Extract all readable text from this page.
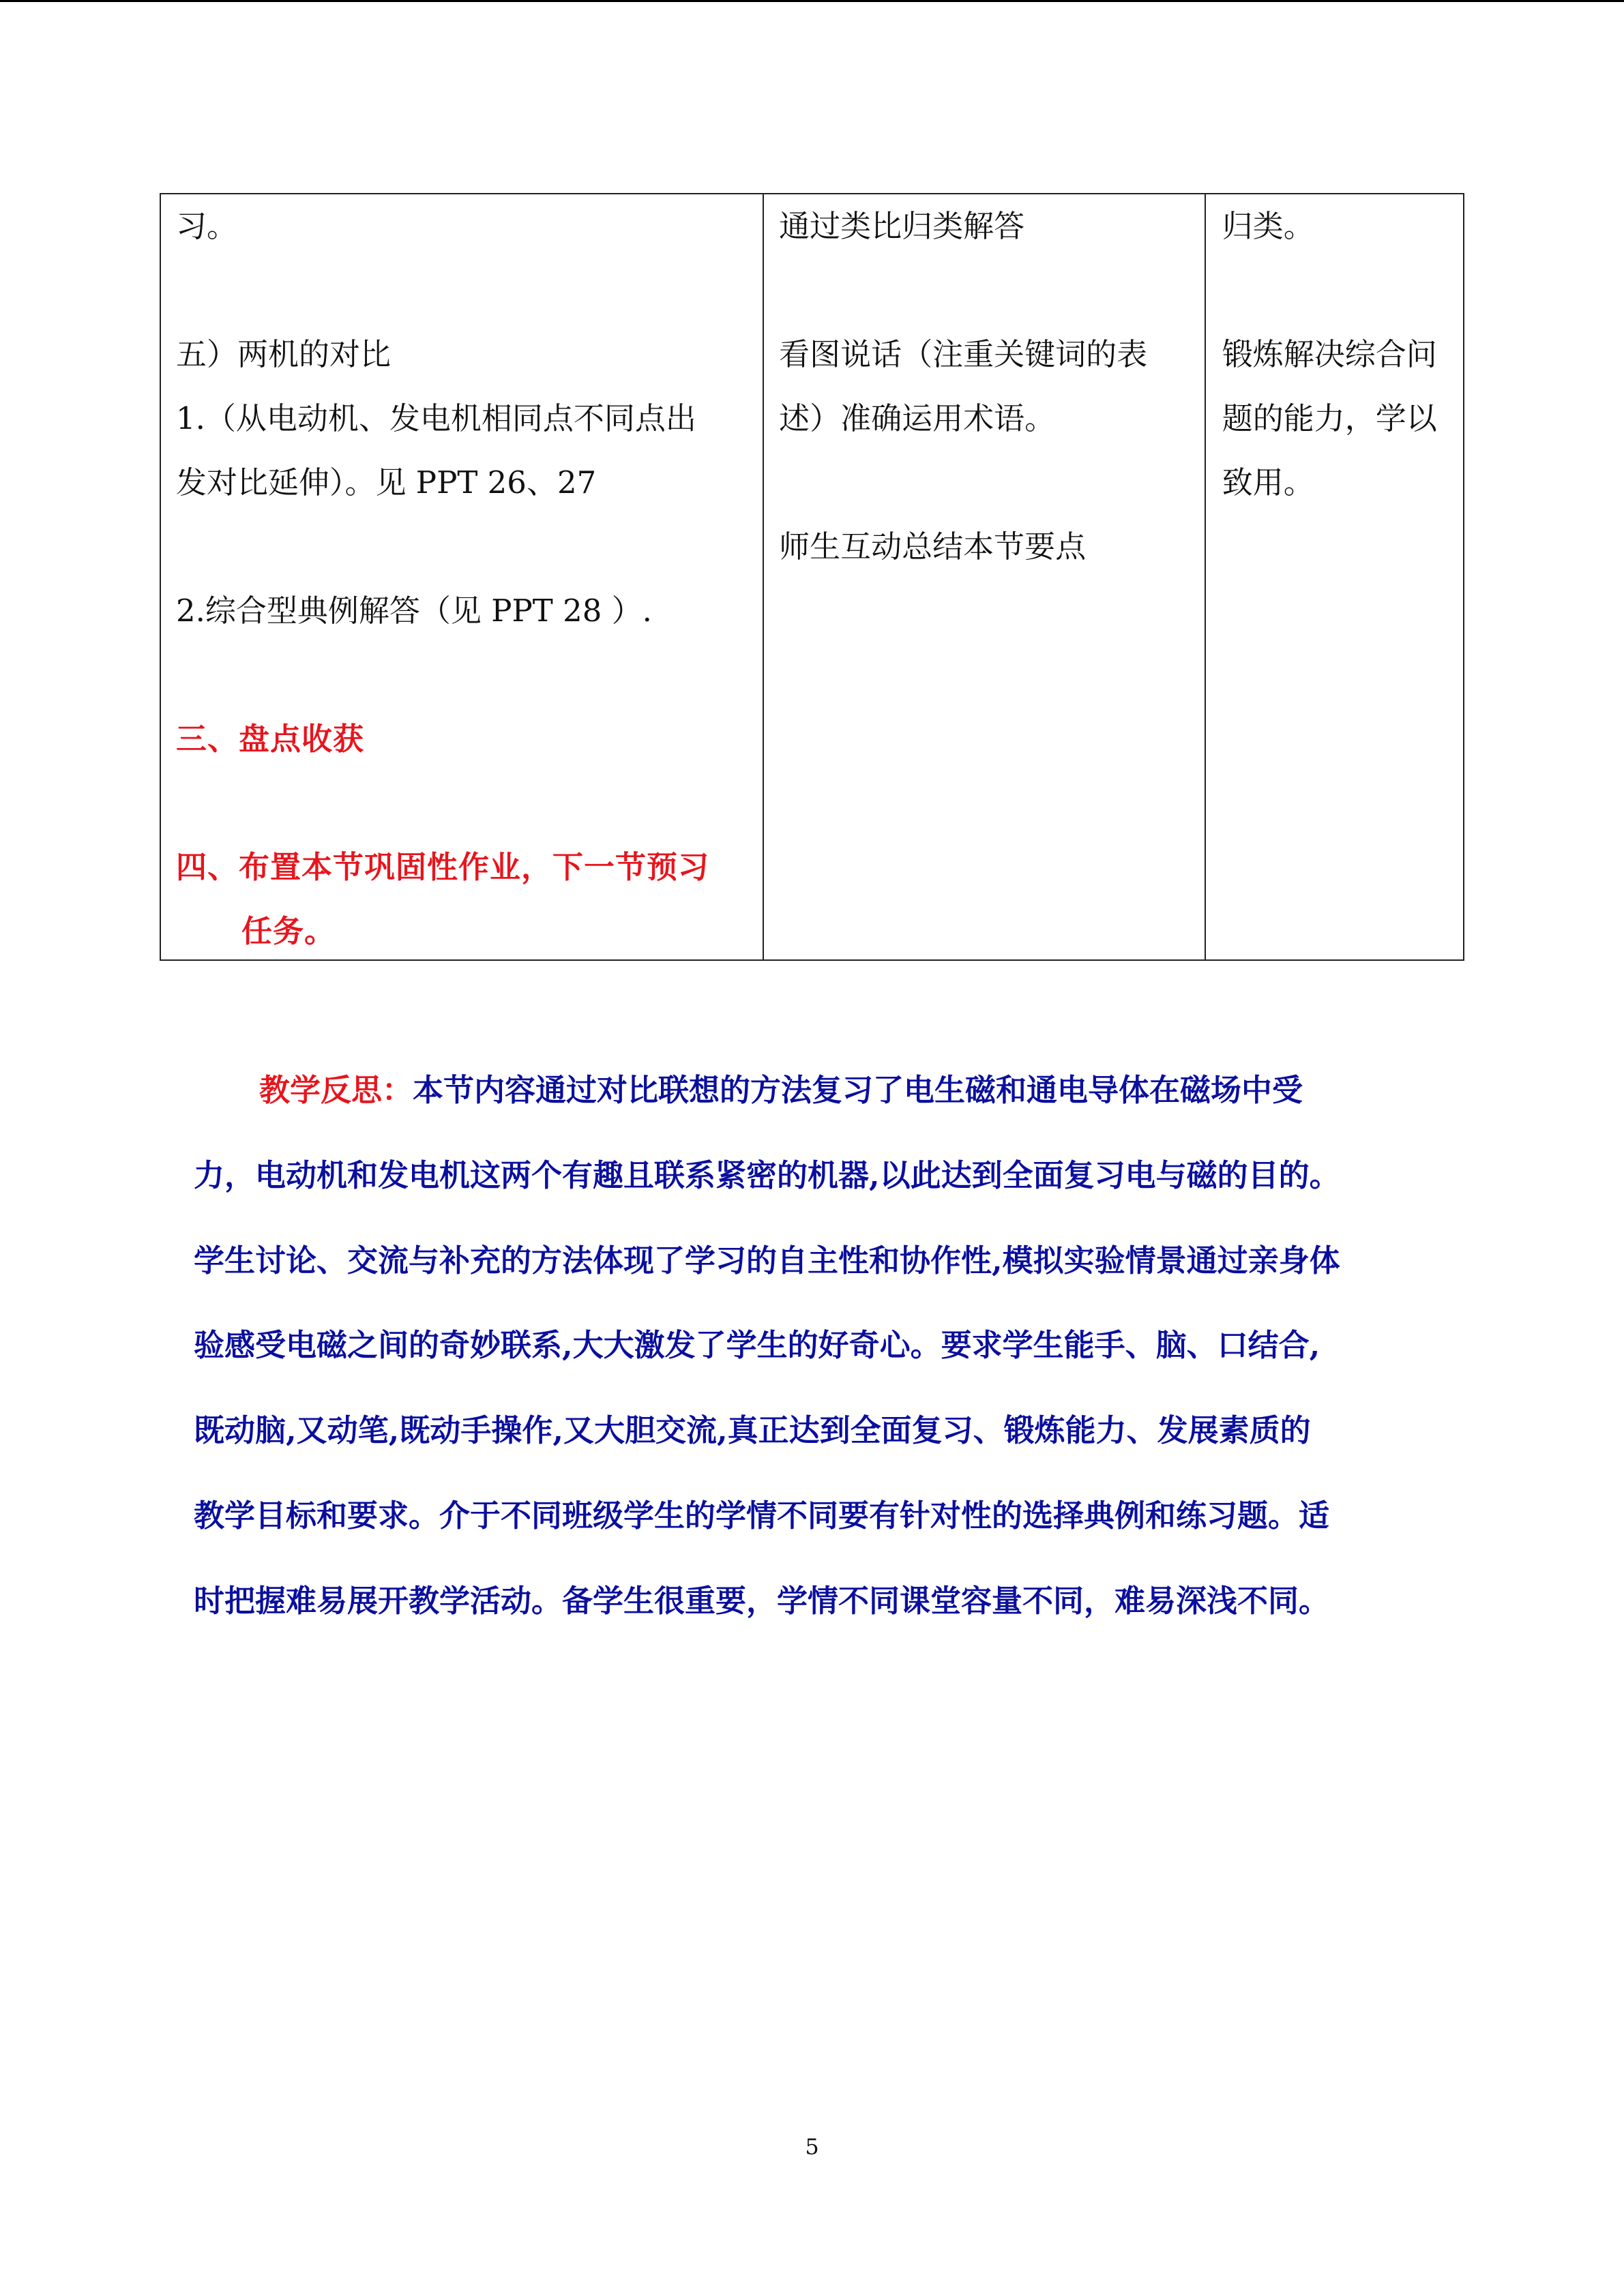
习。
五）两机的对比
1.（从电动机、发电机相同点不同点出
发对比延伸）。见 PPT 26、27
2.综合型典例解答（见 PPT 28 ）.
三、盘点收获
四、布置本节巩固性作业，下一节预习
任务。
通过类比归类解答
看图说话（注重关键词的表
述）准确运用术语。
师生互动总结本节要点
归类。
锻炼解决综合问
题的能力，学以
致用。
教学反思：本节内容通过对比联想的方法复习了电生磁和通电导体在磁场中受
力，电动机和发电机这两个有趣且联系紧密的机器,以此达到全面复习电与磁的目的。
学生讨论、交流与补充的方法体现了学习的自主性和协作性,模拟实验情景通过亲身体
验感受电磁之间的奇妙联系,大大激发了学生的好奇心。要求学生能手、脑、口结合,
既动脑,又动笔,既动手操作,又大胆交流,真正达到全面复习、锻炼能力、发展素质的
教学目标和要求。介于不同班级学生的学情不同要有针对性的选择典例和练习题。适
时把握难易展开教学活动。备学生很重要，学情不同课堂容量不同，难易深浅不同。
5
